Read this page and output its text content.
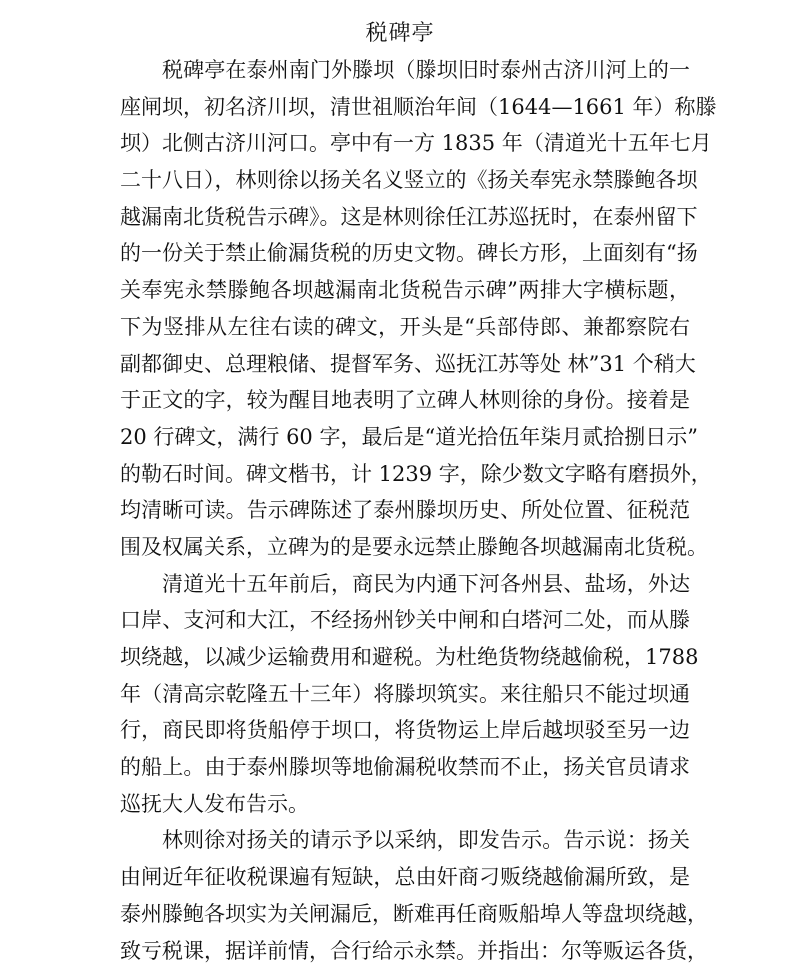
税碑亭
税碑亭在泰州南门外滕坝（滕坝旧时泰州古济川河上的一
座闸坝，初名济川坝，清世祖顺治年间（1644—1661 年）称滕
坝）北侧古济川河口。亭中有一方 1835 年（清道光十五年七月
二十八日），林则徐以扬关名义竖立的《扬关奉宪永禁滕鲍各坝
越漏南北货税告示碑》。这是林则徐任江苏巡抚时，在泰州留下
的一份关于禁止偷漏货税的历史文物。碑长方形，上面刻有“扬
关奉宪永禁滕鲍各坝越漏南北货税告示碑”两排大字横标题，
下为竖排从左往右读的碑文，开头是“兵部侍郎、兼都察院右
副都御史、总理粮储、提督军务、巡抚江苏等处 林”31 个稍大
于正文的字，较为醒目地表明了立碑人林则徐的身份。接着是
20 行碑文，满行 60 字，最后是“道光拾伍年柒月贰拾捌日示”
的勒石时间。碑文楷书，计 1239 字，除少数文字略有磨损外，
均清晰可读。告示碑陈述了泰州滕坝历史、所处位置、征税范
围及权属关系，立碑为的是要永远禁止滕鲍各坝越漏南北货税。
清道光十五年前后，商民为内通下河各州县、盐场，外达
口岸、支河和大江，不经扬州钞关中闸和白塔河二处，而从滕
坝绕越，以减少运输费用和避税。为杜绝货物绕越偷税，1788
年（清高宗乾隆五十三年）将滕坝筑实。来往船只不能过坝通
行，商民即将货船停于坝口，将货物运上岸后越坝驳至另一边
的船上。由于泰州滕坝等地偷漏税收禁而不止，扬关官员请求
巡抚大人发布告示。
林则徐对扬关的请示予以采纳，即发告示。告示说：扬关
由闸近年征收税课遍有短缺，总由奸商刁贩绕越偷漏所致，是
泰州滕鲍各坝实为关闸漏卮，断难再任商贩船埠人等盘坝绕越，
致亏税课，据详前情，合行给示永禁。并指出：尔等贩运各货，
